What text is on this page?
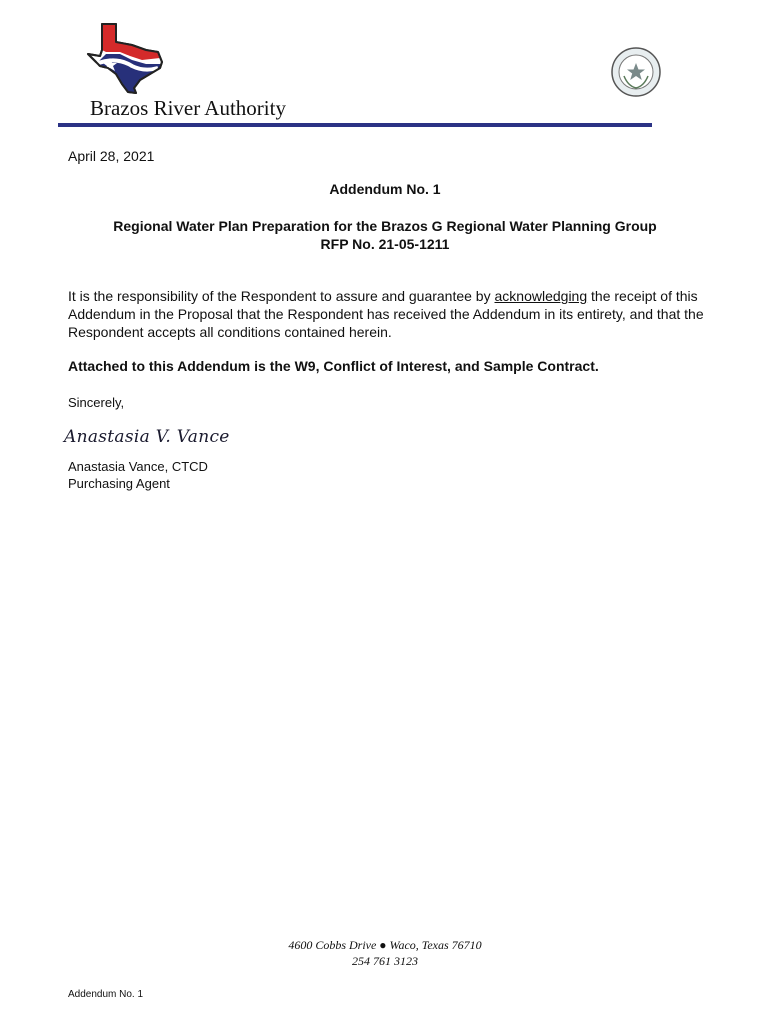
Brazos River Authority
April 28, 2021
Addendum No. 1
Regional Water Plan Preparation for the Brazos G Regional Water Planning Group
RFP No. 21-05-1211
It is the responsibility of the Respondent to assure and guarantee by acknowledging the receipt of this Addendum in the Proposal that the Respondent has received the Addendum in its entirety, and that the Respondent accepts all conditions contained herein.
Attached to this Addendum is the W9, Conflict of Interest, and Sample Contract.
Sincerely,
Anastasia V. Vance
Anastasia Vance, CTCD
Purchasing Agent
4600 Cobbs Drive ● Waco, Texas 76710
254 761 3123
Addendum No. 1
